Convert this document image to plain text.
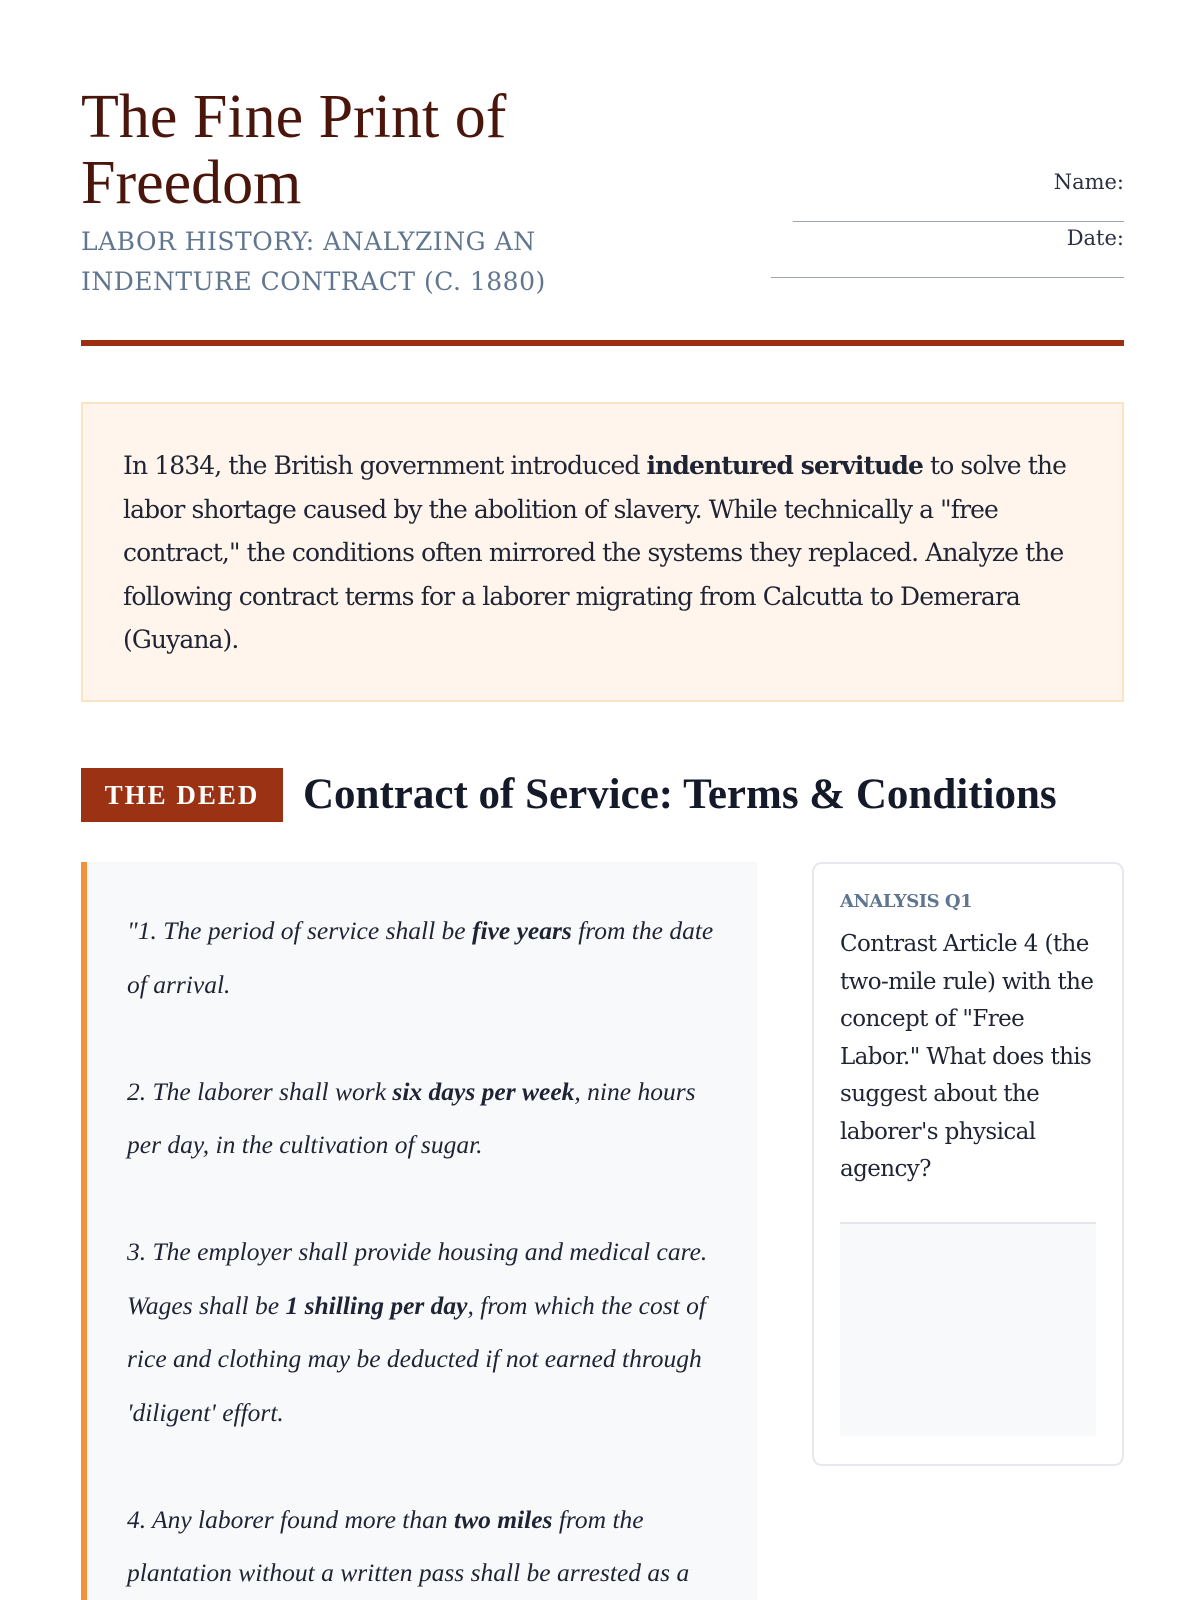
The Fine Print of Freedom
LABOR HISTORY: ANALYZING AN INDENTURE CONTRACT (C. 1880)
Name:
______________________________
Date:
________________________________
In 1834, the British government introduced indentured servitude to solve the labor shortage caused by the abolition of slavery. While technically a "free contract," the conditions often mirrored the systems they replaced. Analyze the following contract terms for a laborer migrating from Calcutta to Demerara (Guyana).
THE DEED	Contract of Service: Terms & Conditions

"1. The period of service shall be five years from the date of arrival.

2. The laborer shall work six days per week, nine hours per day, in the cultivation of sugar.

3. The employer shall provide housing and medical care. Wages shall be 1 shilling per day, from which the cost of rice and clothing may be deducted if not earned through 'diligent' effort.

4. Any laborer found more than two miles from the plantation without a written pass shall be arrested as a

ANALYSIS Q1
Contrast Article 4 (the two-mile rule) with the concept of "Free Labor." What does this suggest about the laborer's physical agency?
